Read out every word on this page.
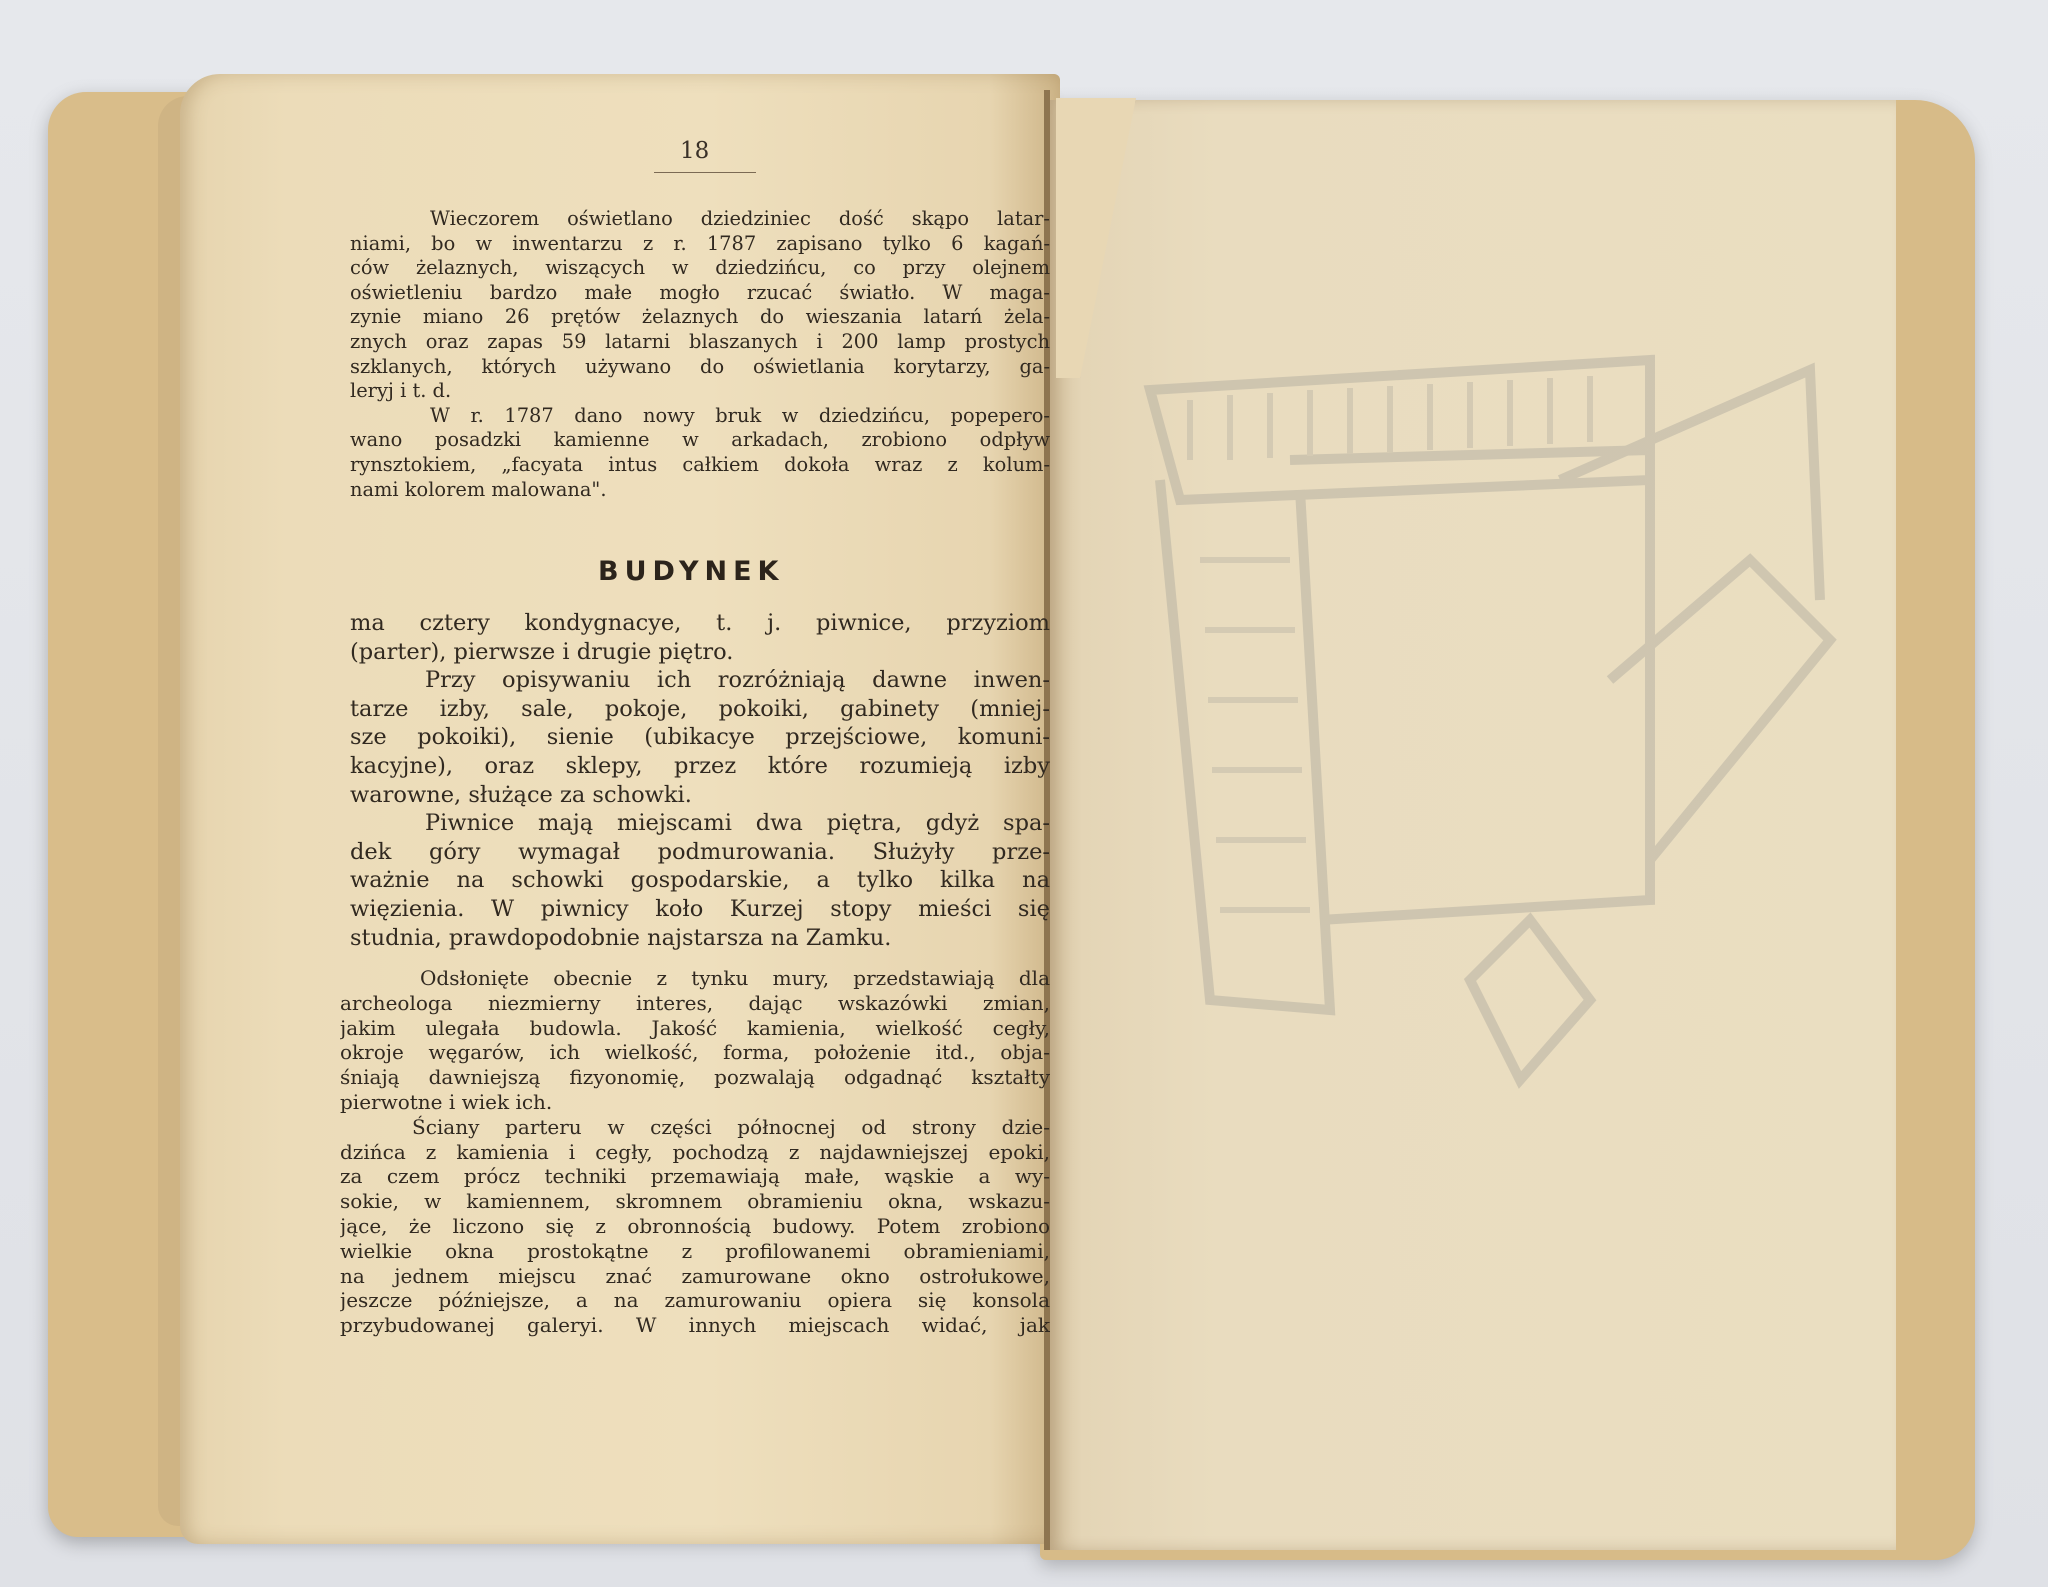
18
Wieczorem oświetlano dziedziniec dość skąpo latar-
niami, bo w inwentarzu z r. 1787 zapisano tylko 6 kagań-
ców żelaznych, wiszących w dziedzińcu, co przy olejnem
oświetleniu bardzo małe mogło rzucać światło. W maga-
zynie miano 26 prętów żelaznych do wieszania latarń żela-
znych oraz zapas 59 latarni blaszanych i 200 lamp prostych
szklanych, których używano do oświetlania korytarzy, ga-
leryj i t. d.
W r. 1787 dano nowy bruk w dziedzińcu, popepero-
wano posadzki kamienne w arkadach, zrobiono odpływ
rynsztokiem, „facyata intus całkiem dokoła wraz z kolum-
nami kolorem malowana".
BUDYNEK
ma cztery kondygnacye, t. j. piwnice, przyziom
(parter), pierwsze i drugie piętro.
Przy opisywaniu ich rozróżniają dawne inwen-
tarze izby, sale, pokoje, pokoiki, gabinety (mniej-
sze pokoiki), sienie (ubikacye przejściowe, komuni-
kacyjne), oraz sklepy, przez które rozumieją izby
warowne, służące za schowki.
Piwnice mają miejscami dwa piętra, gdyż spa-
dek góry wymagał podmurowania. Służyły prze-
ważnie na schowki gospodarskie, a tylko kilka na
więzienia. W piwnicy koło Kurzej stopy mieści się
studnia, prawdopodobnie najstarsza na Zamku.
Odsłonięte obecnie z tynku mury, przedstawiają dla
archeologa niezmierny interes, dając wskazówki zmian,
jakim ulegała budowla. Jakość kamienia, wielkość cegły,
okroje węgarów, ich wielkość, forma, położenie itd., obja-
śniają dawniejszą fizyonomię, pozwalają odgadnąć kształty
pierwotne i wiek ich.
Ściany parteru w części północnej od strony dzie-
dzińca z kamienia i cegły, pochodzą z najdawniejszej epoki,
za czem prócz techniki przemawiają małe, wąskie a wy-
sokie, w kamiennem, skromnem obramieniu okna, wskazu-
jące, że liczono się z obronnością budowy. Potem zrobiono
wielkie okna prostokątne z profilowanemi obramieniami,
na jednem miejscu znać zamurowane okno ostrołukowe,
jeszcze późniejsze, a na zamurowaniu opiera się konsola
przybudowanej galeryi. W innych miejscach widać, jak
